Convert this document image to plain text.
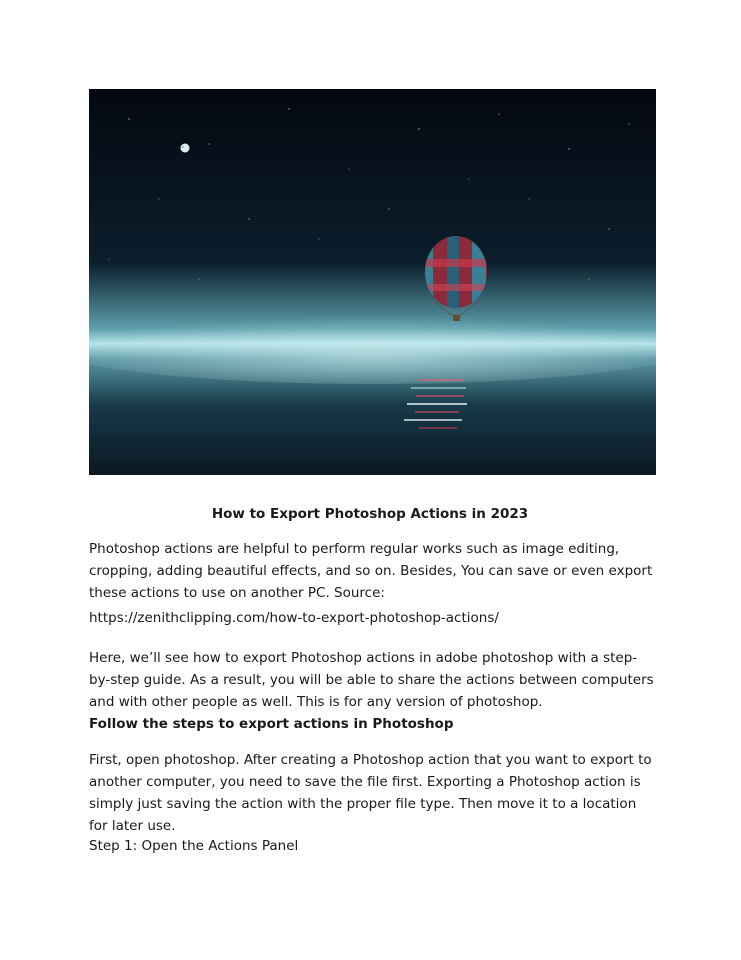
How to Export Photoshop Actions in 2023

Photoshop actions are helpful to perform regular works such as image editing, cropping, adding beautiful effects, and so on. Besides, You can save or even export these actions to use on another PC. Source:

https://zenithclipping.com/how-to-export-photoshop-actions/

Here, we’ll see how to export Photoshop actions in adobe photoshop with a step-by-step guide. As a result, you will be able to share the actions between computers and with other people as well. This is for any version of photoshop.

Follow the steps to export actions in Photoshop

First, open photoshop. After creating a Photoshop action that you want to export to another computer, you need to save the file first. Exporting a Photoshop action is simply just saving the action with the proper file type. Then move it to a location for later use.

Step 1: Open the Actions Panel
